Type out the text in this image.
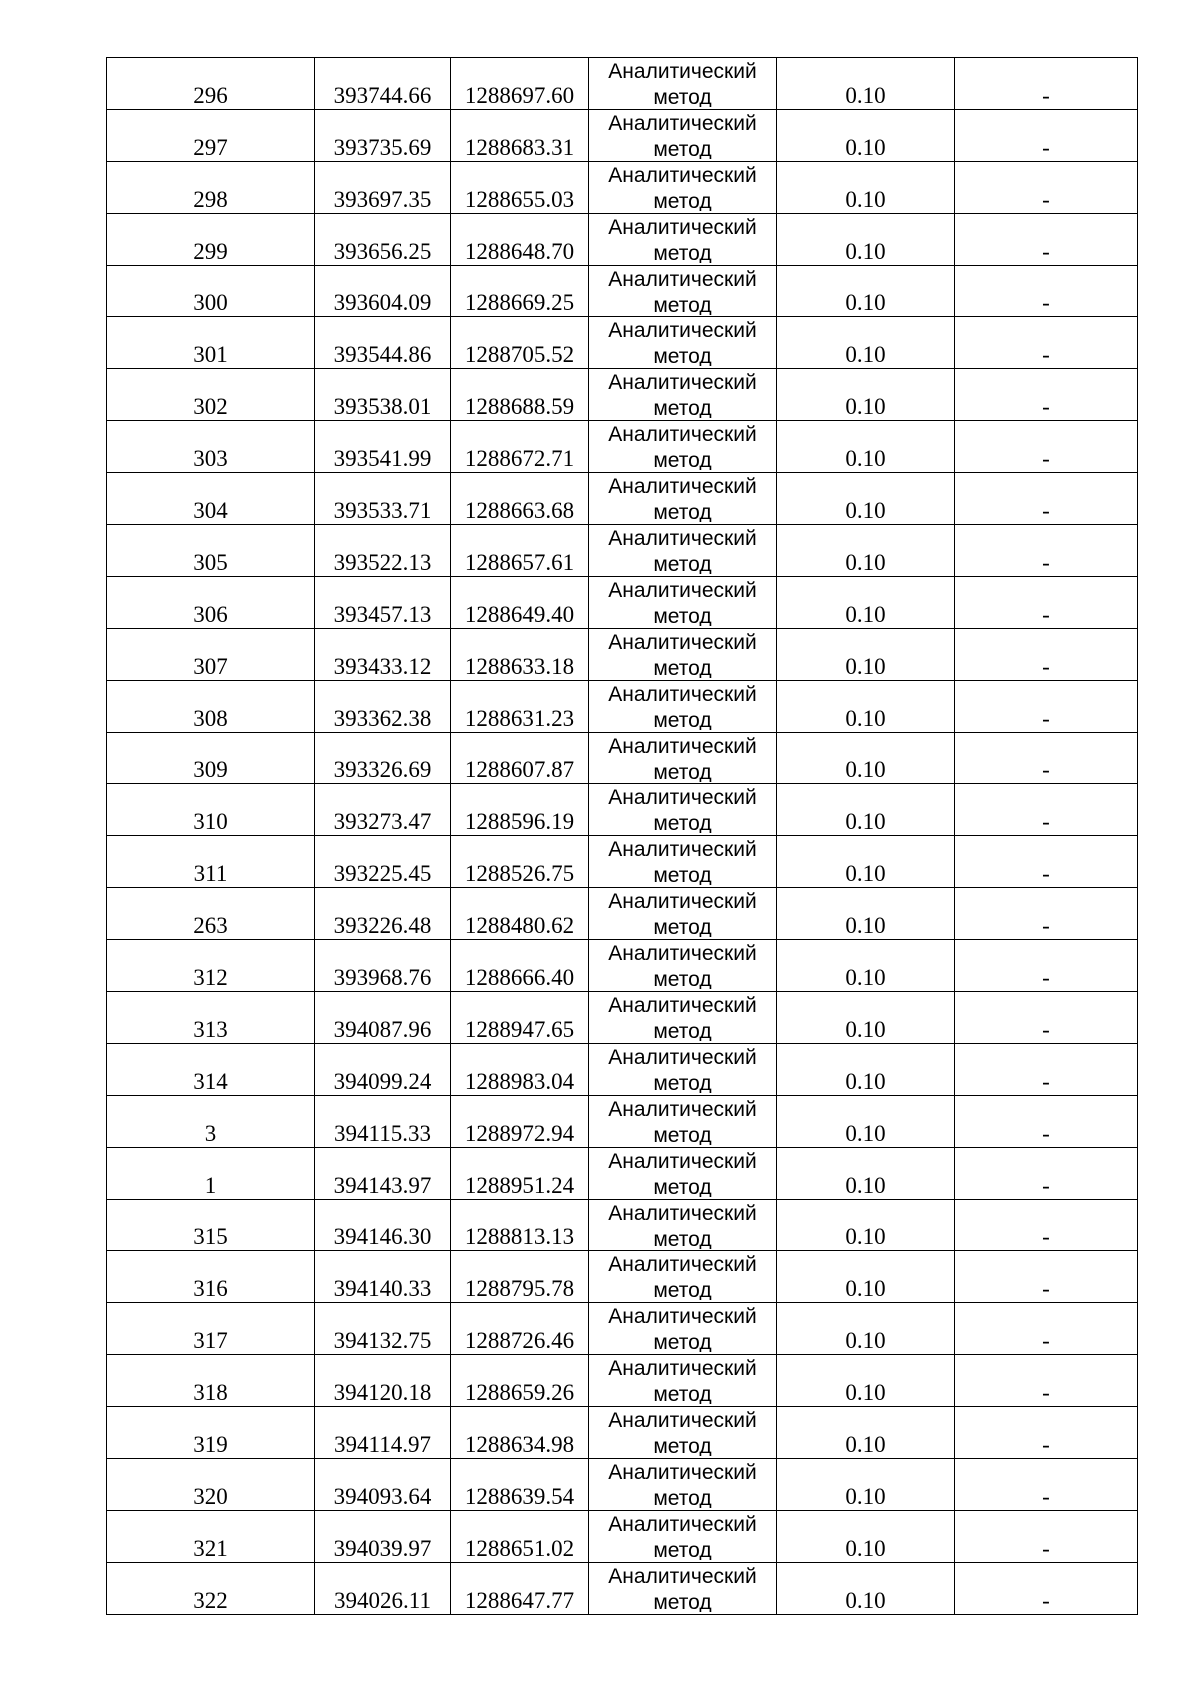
296	393744.66	1288697.60	Аналитический метод	0.10	-
297	393735.69	1288683.31	Аналитический метод	0.10	-
298	393697.35	1288655.03	Аналитический метод	0.10	-
299	393656.25	1288648.70	Аналитический метод	0.10	-
300	393604.09	1288669.25	Аналитический метод	0.10	-
301	393544.86	1288705.52	Аналитический метод	0.10	-
302	393538.01	1288688.59	Аналитический метод	0.10	-
303	393541.99	1288672.71	Аналитический метод	0.10	-
304	393533.71	1288663.68	Аналитический метод	0.10	-
305	393522.13	1288657.61	Аналитический метод	0.10	-
306	393457.13	1288649.40	Аналитический метод	0.10	-
307	393433.12	1288633.18	Аналитический метод	0.10	-
308	393362.38	1288631.23	Аналитический метод	0.10	-
309	393326.69	1288607.87	Аналитический метод	0.10	-
310	393273.47	1288596.19	Аналитический метод	0.10	-
311	393225.45	1288526.75	Аналитический метод	0.10	-
263	393226.48	1288480.62	Аналитический метод	0.10	-
312	393968.76	1288666.40	Аналитический метод	0.10	-
313	394087.96	1288947.65	Аналитический метод	0.10	-
314	394099.24	1288983.04	Аналитический метод	0.10	-
3	394115.33	1288972.94	Аналитический метод	0.10	-
1	394143.97	1288951.24	Аналитический метод	0.10	-
315	394146.30	1288813.13	Аналитический метод	0.10	-
316	394140.33	1288795.78	Аналитический метод	0.10	-
317	394132.75	1288726.46	Аналитический метод	0.10	-
318	394120.18	1288659.26	Аналитический метод	0.10	-
319	394114.97	1288634.98	Аналитический метод	0.10	-
320	394093.64	1288639.54	Аналитический метод	0.10	-
321	394039.97	1288651.02	Аналитический метод	0.10	-
322	394026.11	1288647.77	Аналитический метод	0.10	-
